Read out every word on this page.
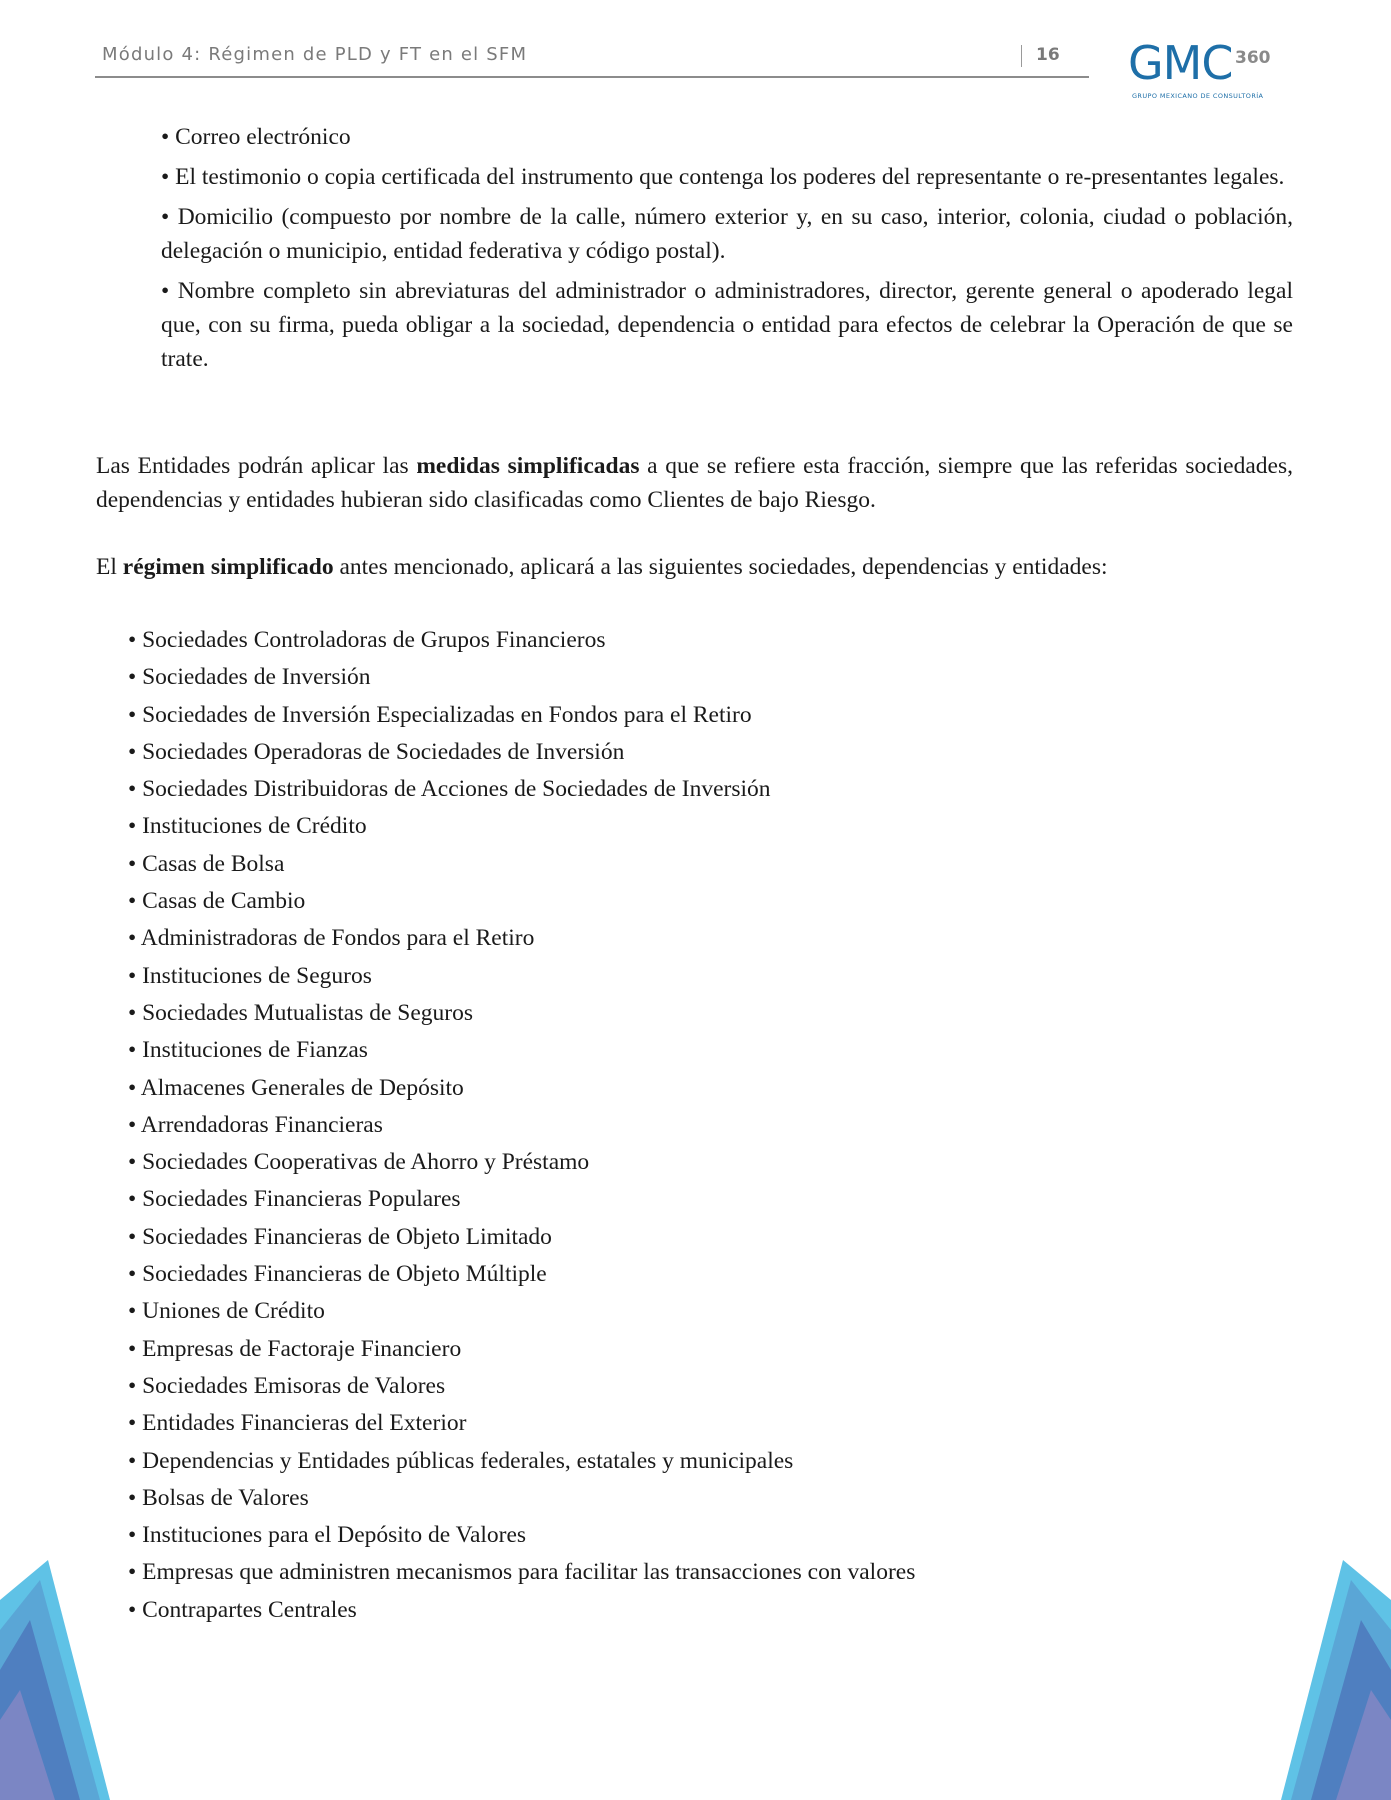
Módulo 4: Régimen de PLD y FT en el SFM	16 GMC 360
GRUPO MEXICANO DE CONSULTORÍA
• Correo electrónico
• El testimonio o copia certificada del instrumento que contenga los poderes del representante o re-presentantes legales.
• Domicilio (compuesto por nombre de la calle, número exterior y, en su caso, interior, colonia, ciudad o población, delegación o municipio, entidad federativa y código postal).
• Nombre completo sin abreviaturas del administrador o administradores, director, gerente general o apoderado legal que, con su firma, pueda obligar a la sociedad, dependencia o entidad para efectos de celebrar la Operación de que se trate.

Las Entidades podrán aplicar las medidas simplificadas a que se refiere esta fracción, siempre que las referidas sociedades, dependencias y entidades hubieran sido clasificadas como Clientes de bajo Riesgo.

El régimen simplificado antes mencionado, aplicará a las siguientes sociedades, dependencias y entidades:

• Sociedades Controladoras de Grupos Financieros
• Sociedades de Inversión
• Sociedades de Inversión Especializadas en Fondos para el Retiro
• Sociedades Operadoras de Sociedades de Inversión
• Sociedades Distribuidoras de Acciones de Sociedades de Inversión
• Instituciones de Crédito
• Casas de Bolsa
• Casas de Cambio
• Administradoras de Fondos para el Retiro
• Instituciones de Seguros
• Sociedades Mutualistas de Seguros
• Instituciones de Fianzas
• Almacenes Generales de Depósito
• Arrendadoras Financieras
• Sociedades Cooperativas de Ahorro y Préstamo
• Sociedades Financieras Populares
• Sociedades Financieras de Objeto Limitado
• Sociedades Financieras de Objeto Múltiple
• Uniones de Crédito
• Empresas de Factoraje Financiero
• Sociedades Emisoras de Valores
• Entidades Financieras del Exterior
• Dependencias y Entidades públicas federales, estatales y municipales
• Bolsas de Valores
• Instituciones para el Depósito de Valores
• Empresas que administren mecanismos para facilitar las transacciones con valores
• Contrapartes Centrales
